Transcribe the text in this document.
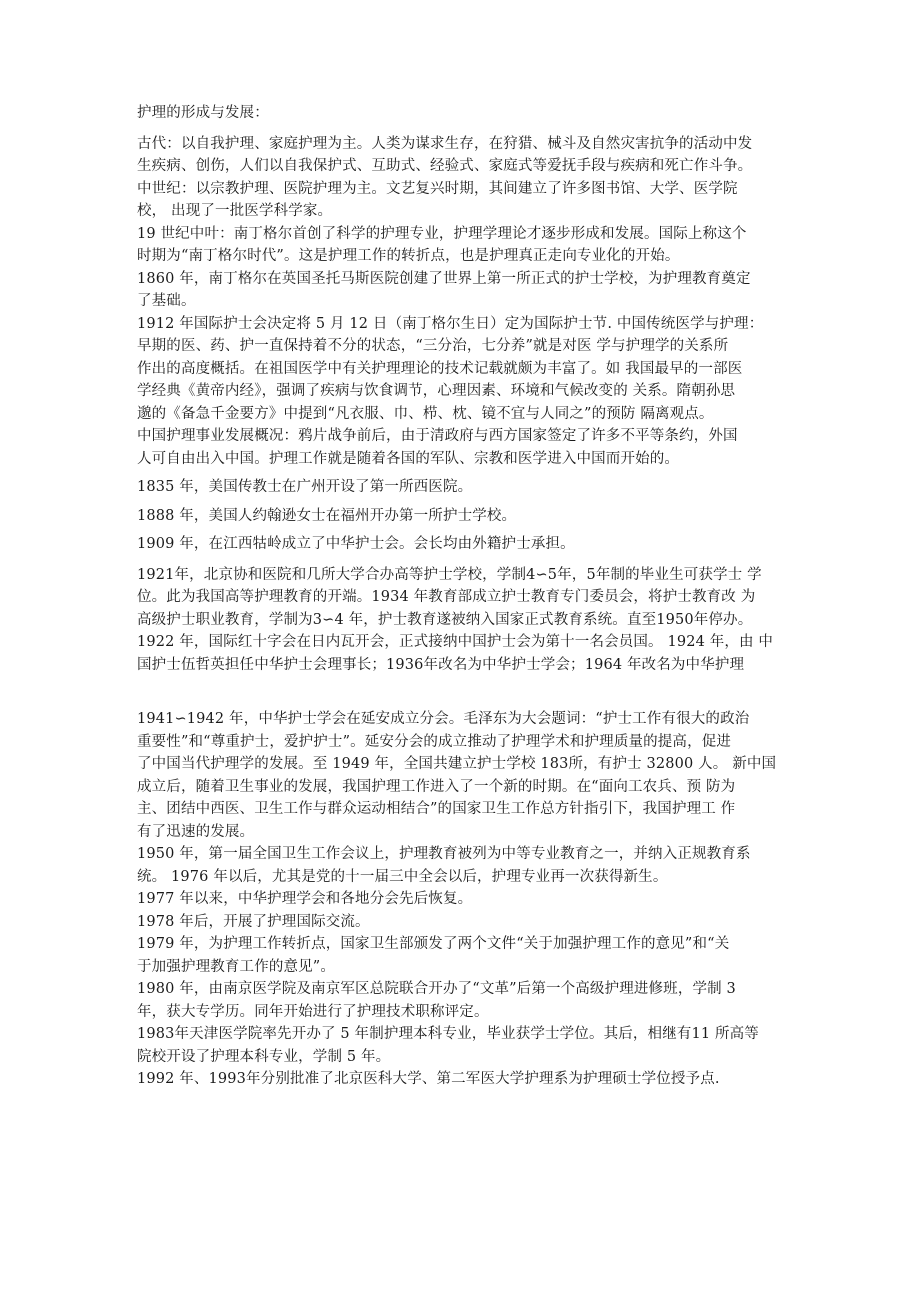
护理的形成与发展：
古代：以自我护理、家庭护理为主。人类为谋求生存，在狩猎、械斗及自然灾害抗争的活动中发
生疾病、创伤，人们以自我保护式、互助式、经验式、家庭式等爱抚手段与疾病和死亡作斗争。
中世纪：以宗教护理、医院护理为主。文艺复兴时期，其间建立了许多图书馆、大学、医学院
校， 出现了一批医学科学家。
19 世纪中叶：南丁格尔首创了科学的护理专业，护理学理论才逐步形成和发展。国际上称这个
时期为“南丁格尔时代”。这是护理工作的转折点，也是护理真正走向专业化的开始。
1860 年，南丁格尔在英国圣托马斯医院创建了世界上第一所正式的护士学校，为护理教育奠定
了基础。
1912 年国际护士会决定将 5 月 12 日（南丁格尔生日）定为国际护士节. 中国传统医学与护理：
早期的医、药、护一直保持着不分的状态，“三分治，七分养”就是对医 学与护理学的关系所
作出的高度概括。在祖国医学中有关护理理论的技术记载就颇为丰富了。如 我国最早的一部医
学经典《黄帝内经》，强调了疾病与饮食调节，心理因素、环境和气候改变的 关系。隋朝孙思
邈的《备急千金要方》中提到“凡衣服、巾、栉、枕、镜不宜与人同之”的预防 隔离观点。
中国护理事业发展概况：鸦片战争前后，由于清政府与西方国家签定了许多不平等条约，外国
人可自由出入中国。护理工作就是随着各国的军队、宗教和医学进入中国而开始的。
1835 年，美国传教士在广州开设了第一所西医院。
1888 年，美国人约翰逊女士在福州开办第一所护士学校。
1909 年，在江西牯岭成立了中华护士会。会长均由外籍护士承担。
1921年，北京协和医院和几所大学合办高等护士学校，学制4∽5年，5年制的毕业生可获学士 学
位。此为我国高等护理教育的开端。1934 年教育部成立护士教育专门委员会，将护士教育改 为
高级护士职业教育，学制为3∽4 年，护士教育遂被纳入国家正式教育系统。直至1950年停办。
1922 年，国际红十字会在日内瓦开会，正式接纳中国护士会为第十一名会员国。 1924 年，由 中
国护士伍哲英担任中华护士会理事长；1936年改名为中华护士学会；1964 年改名为中华护理
1941∽1942 年，中华护士学会在延安成立分会。毛泽东为大会题词：“护士工作有很大的政治
重要性”和“尊重护士，爱护护士”。延安分会的成立推动了护理学术和护理质量的提高，促进
了中国当代护理学的发展。至 1949 年，全国共建立护士学校 183所，有护士 32800 人。 新中国
成立后，随着卫生事业的发展，我国护理工作进入了一个新的时期。在“面向工农兵、预 防为
主、团结中西医、卫生工作与群众运动相结合”的国家卫生工作总方针指引下，我国护理工 作
有了迅速的发展。
1950 年，第一届全国卫生工作会议上，护理教育被列为中等专业教育之一，并纳入正规教育系
统。 1976 年以后，尤其是党的十一届三中全会以后，护理专业再一次获得新生。
1977 年以来，中华护理学会和各地分会先后恢复。
1978 年后，开展了护理国际交流。
1979 年，为护理工作转折点，国家卫生部颁发了两个文件“关于加强护理工作的意见”和“关
于加强护理教育工作的意见”。
1980 年，由南京医学院及南京军区总院联合开办了“文革”后第一个高级护理进修班，学制 3
年，获大专学历。同年开始进行了护理技术职称评定。
1983年天津医学院率先开办了 5 年制护理本科专业，毕业获学士学位。其后，相继有11 所高等
院校开设了护理本科专业，学制 5 年。
1992 年、1993年分别批准了北京医科大学、第二军医大学护理系为护理硕士学位授予点.
